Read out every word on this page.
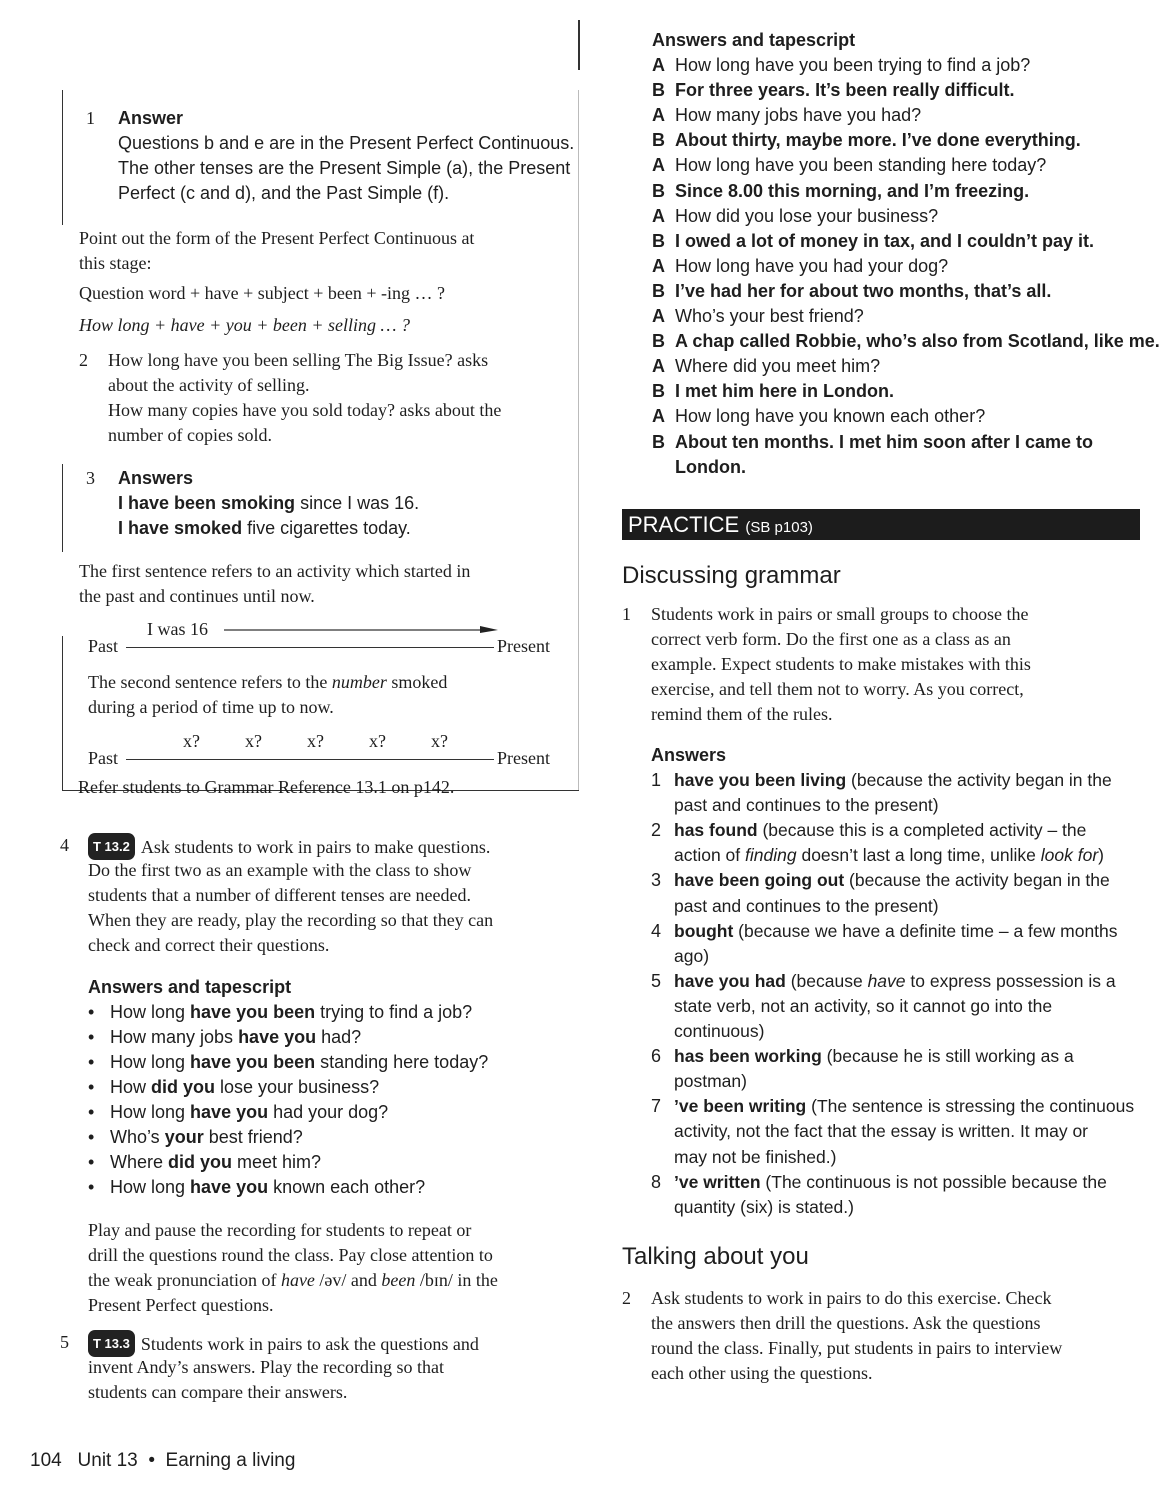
1 Answer
Questions b and e are in the Present Perfect Continuous.
The other tenses are the Present Simple (a), the Present
Perfect (c and d), and the Past Simple (f).
Point out the form of the Present Perfect Continuous at
this stage:
Question word + have + subject + been + -ing … ?
How long + have + you + been + selling … ?
2 How long have you been selling The Big Issue? asks
about the activity of selling.
How many copies have you sold today? asks about the
number of copies sold.
3 Answers
I have been smoking since I was 16.
I have smoked five cigarettes today.
The first sentence refers to an activity which started in
the past and continues until now.
I was 16
Past	Present
The second sentence refers to the number smoked
during a period of time up to now.
x?	x?	x?	x?	x?
Past	Present
Refer students to Grammar Reference 13.1 on p142.
4	T 13.2 Ask students to work in pairs to make questions.
Do the first two as an example with the class to show
students that a number of different tenses are needed.
When they are ready, play the recording so that they can
check and correct their questions.
Answers and tapescript
• How long have you been trying to find a job?
• How many jobs have you had?
• How long have you been standing here today?
• How did you lose your business?
• How long have you had your dog?
• Who’s your best friend?
• Where did you meet him?
• How long have you known each other?
Play and pause the recording for students to repeat or
drill the questions round the class. Pay close attention to
the weak pronunciation of have /əv/ and been /bɪn/ in the
Present Perfect questions.
5	T 13.3 Students work in pairs to ask the questions and
invent Andy’s answers. Play the recording so that
students can compare their answers.
104 Unit 13 • Earning a living
Answers and tapescript
A How long have you been trying to find a job?
B For three years. It’s been really difficult.
A How many jobs have you had?
B About thirty, maybe more. I’ve done everything.
A How long have you been standing here today?
B Since 8.00 this morning, and I’m freezing.
A How did you lose your business?
B I owed a lot of money in tax, and I couldn’t pay it.
A How long have you had your dog?
B I’ve had her for about two months, that’s all.
A Who’s your best friend?
B A chap called Robbie, who’s also from Scotland, like me.
A Where did you meet him?
B I met him here in London.
A How long have you known each other?
B About ten months. I met him soon after I came to
London.
PRACTICE (SB p103)
Discussing grammar
1 Students work in pairs or small groups to choose the
correct verb form. Do the first one as a class as an
example. Expect students to make mistakes with this
exercise, and tell them not to worry. As you correct,
remind them of the rules.
Answers
1 have you been living (because the activity began in the
past and continues to the present)
2 has found (because this is a completed activity – the
action of finding doesn’t last a long time, unlike look for)
3 have been going out (because the activity began in the
past and continues to the present)
4 bought (because we have a definite time – a few months
ago)
5 have you had (because have to express possession is a
state verb, not an activity, so it cannot go into the
continuous)
6 has been working (because he is still working as a
postman)
7 ’ve been writing (The sentence is stressing the continuous
activity, not the fact that the essay is written. It may or
may not be finished.)
8 ’ve written (The continuous is not possible because the
quantity (six) is stated.)
Talking about you
2 Ask students to work in pairs to do this exercise. Check
the answers then drill the questions. Ask the questions
round the class. Finally, put students in pairs to interview
each other using the questions.
